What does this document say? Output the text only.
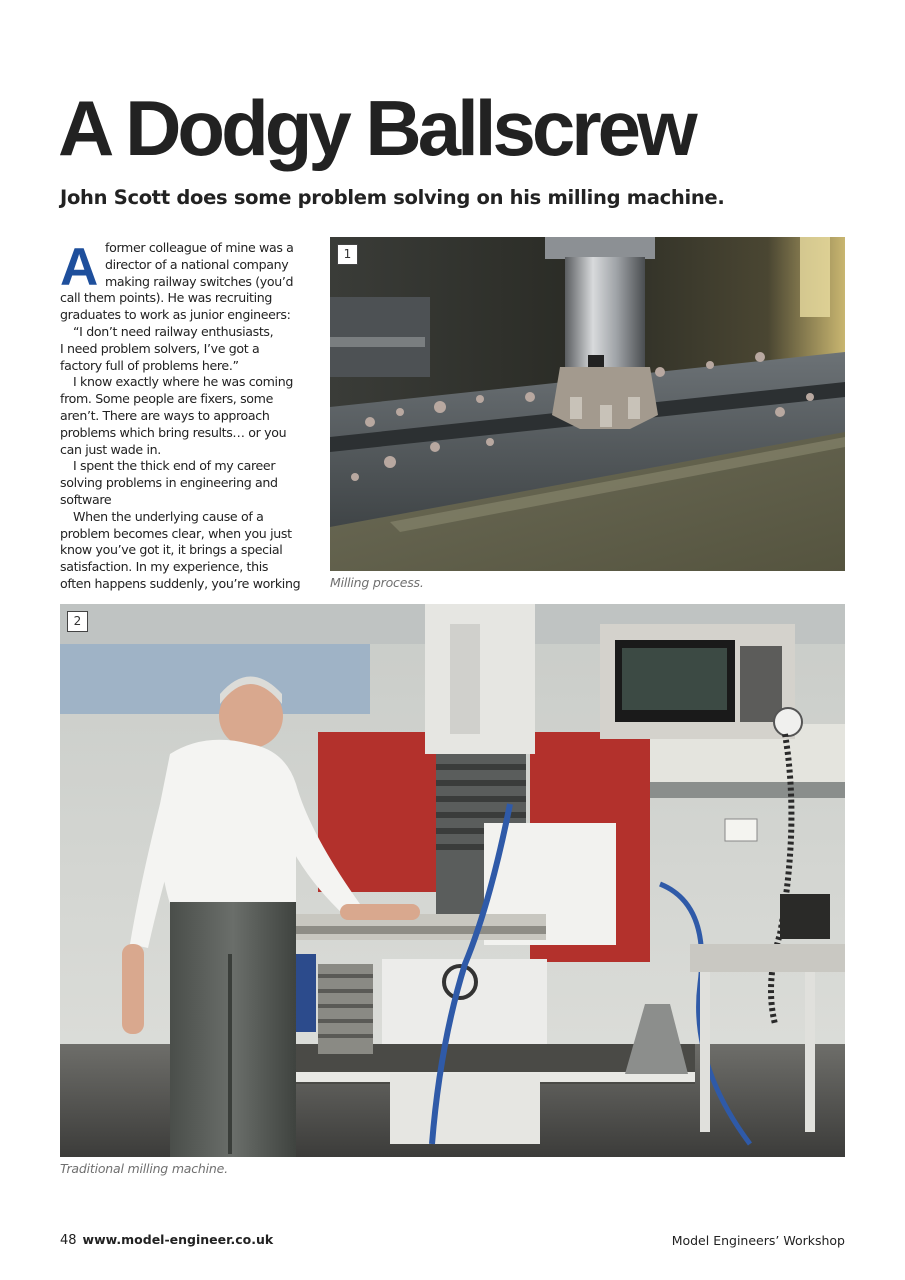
A Dodgy Ballscrew
John Scott does some problem solving on his milling machine.
A former colleague of mine was a
director of a national company
making railway switches (you’d
call them points). He was recruiting
graduates to work as junior engineers:
“I don’t need railway enthusiasts,
I need problem solvers, I’ve got a
factory full of problems here.”
I know exactly where he was coming
from. Some people are fixers, some
aren’t. There are ways to approach
problems which bring results… or you
can just wade in.
I spent the thick end of my career
solving problems in engineering and
software
When the underlying cause of a
problem becomes clear, when you just
know you’ve got it, it brings a special
satisfaction. In my experience, this
often happens suddenly, you’re working
1
Milling process.
2
Traditional milling machine.
48 www.model-engineer.co.uk	Model Engineers’ Workshop
